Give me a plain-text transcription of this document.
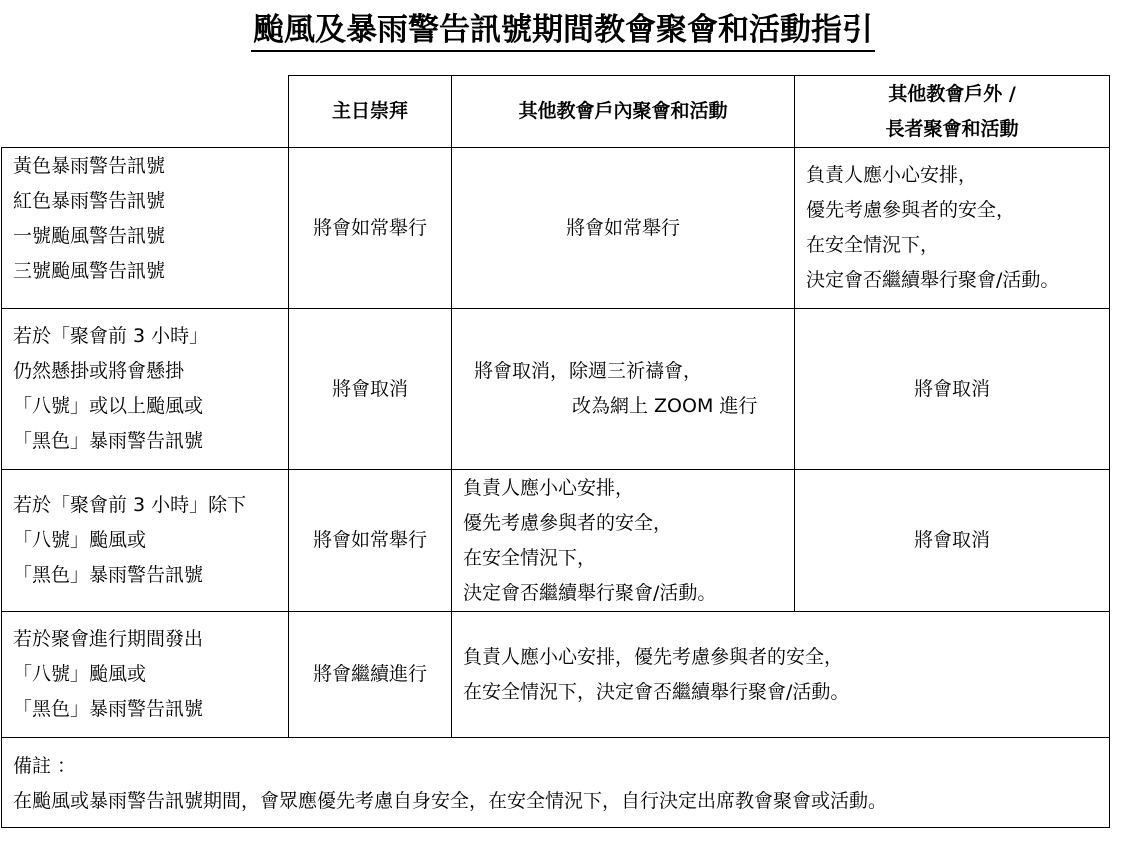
颱風及暴雨警告訊號期間教會聚會和活動指引
	主日崇拜	其他教會戶內聚會和活動	其他教會戶外 /
長者聚會和活動

黃色暴雨警告訊號
紅色暴雨警告訊號
一號颱風警告訊號
三號颱風警告訊號	將會如常舉行	將會如常舉行	負責人應小心安排，
優先考慮參與者的安全，
在安全情況下，
決定會否繼續舉行聚會/活動。

若於「聚會前 3 小時」
仍然懸掛或將會懸掛
「八號」或以上颱風或
「黑色」暴雨警告訊號	將會取消	將會取消，除週三祈禱會，
改為網上 ZOOM 進行	將會取消

若於「聚會前 3 小時」除下
「八號」颱風或
「黑色」暴雨警告訊號	將會如常舉行	負責人應小心安排，
優先考慮參與者的安全，
在安全情況下，
決定會否繼續舉行聚會/活動。	將會取消

若於聚會進行期間發出
「八號」颱風或
「黑色」暴雨警告訊號	將會繼續進行	負責人應小心安排，優先考慮參與者的安全，
在安全情況下，決定會否繼續舉行聚會/活動。	

備註 ：
在颱風或暴雨警告訊號期間，會眾應優先考慮自身安全，在安全情況下，自行決定出席教會聚會或活動。			
